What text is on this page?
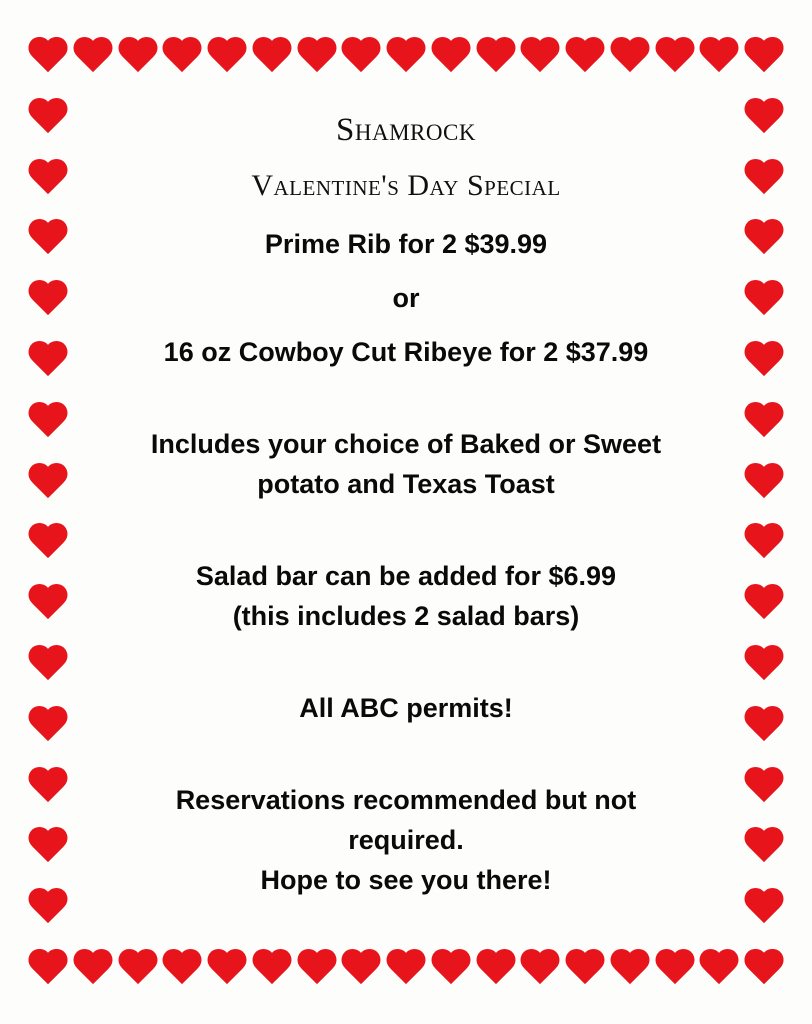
Shamrock
Valentine's Day Special
Prime Rib for 2 $39.99
or
16 oz Cowboy Cut Ribeye for 2 $37.99
Includes your choice of Baked or Sweet
potato and Texas Toast
Salad bar can be added for $6.99
(this includes 2 salad bars)
All ABC permits!
Reservations recommended but not
required.
Hope to see you there!
